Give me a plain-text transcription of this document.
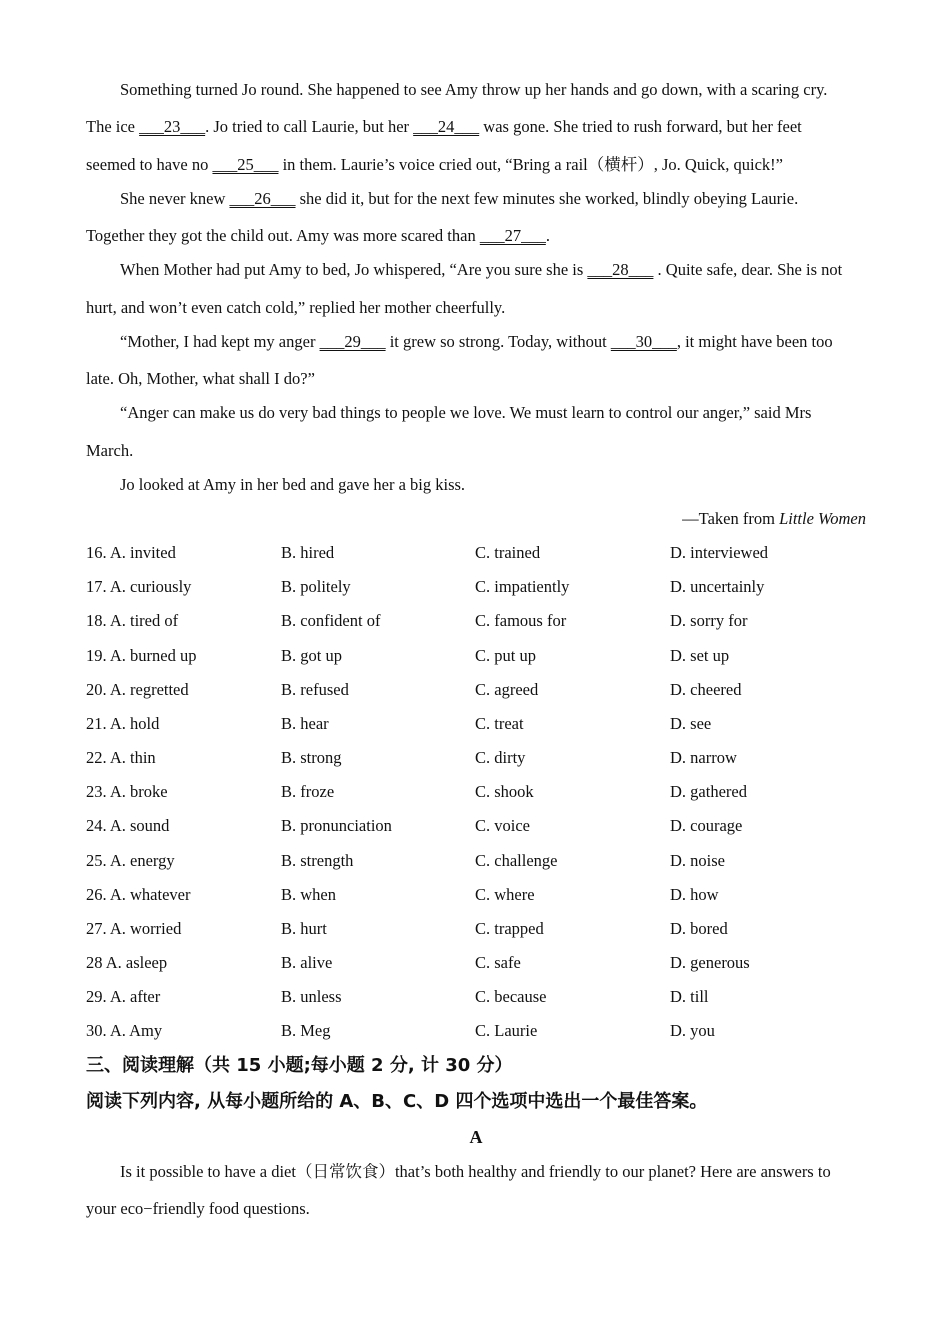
Something turned Jo round. She happened to see Amy throw up her hands and go down, with a scaring cry.
The ice ___23___. Jo tried to call Laurie, but her ___24___ was gone. She tried to rush forward, but her feet
seemed to have no ___25___ in them. Laurie’s voice cried out, “Bring a rail（横杆）, Jo. Quick, quick!”
She never knew ___26___ she did it, but for the next few minutes she worked, blindly obeying Laurie.
Together they got the child out. Amy was more scared than ___27___.
When Mother had put Amy to bed, Jo whispered, “Are you sure she is ___28___ . Quite safe, dear. She is not
hurt, and won’t even catch cold,” replied her mother cheerfully.
“Mother, I had kept my anger ___29___ it grew so strong. Today, without ___30___, it might have been too
late. Oh, Mother, what shall I do?”
“Anger can make us do very bad things to people we love. We must learn to control our anger,” said Mrs
March.
Jo looked at Amy in her bed and gave her a big kiss.
—Taken from Little Women
16. A. invited	B. hired	C. trained	D. interviewed
17. A. curiously	B. politely	C. impatiently	D. uncertainly
18. A. tired of	B. confident of	C. famous for	D. sorry for
19. A. burned up	B. got up	C. put up	D. set up
20. A. regretted	B. refused	C. agreed	D. cheered
21. A. hold	B. hear	C. treat	D. see
22. A. thin	B. strong	C. dirty	D. narrow
23. A. broke	B. froze	C. shook	D. gathered
24. A. sound	B. pronunciation	C. voice	D. courage
25. A. energy	B. strength	C. challenge	D. noise
26. A. whatever	B. when	C. where	D. how
27. A. worried	B. hurt	C. trapped	D. bored
28 A. asleep	B. alive	C. safe	D. generous
29. A. after	B. unless	C. because	D. till
30. A. Amy	B. Meg	C. Laurie	D. you
三、阅读理解（共 15 小题;每小题 2 分, 计 30 分）
阅读下列内容, 从每小题所给的 A、B、C、D 四个选项中选出一个最佳答案。
A
Is it possible to have a diet（日常饮食）that’s both healthy and friendly to our planet? Here are answers to
your eco−friendly food questions.
